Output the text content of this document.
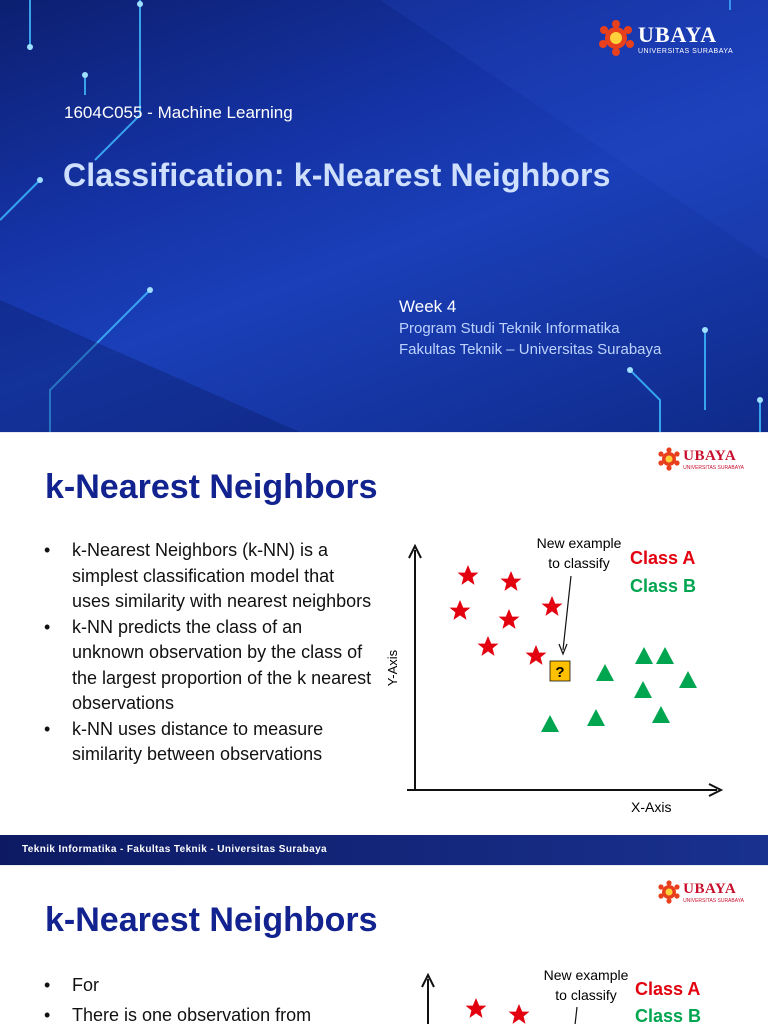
UBAYA
UNIVERSITAS SURABAYA
1604C055 - Machine Learning
Classification: k-Nearest Neighbors
Week 4
Program Studi Teknik Informatika
Fakultas Teknik – Universitas Surabaya
UBAYA
UNIVERSITAS SURABAYA
k-Nearest Neighbors
• k-Nearest Neighbors (k-NN) is a simplest classification model that uses similarity with nearest neighbors
• k-NN predicts the class of an unknown observation by the class of the largest proportion of the k nearest observations
• k-NN uses distance to measure similarity between observations
Y-Axis
X-Axis
New example
to classify Class A
Class B
?
Teknik Informatika - Fakultas Teknik - Universitas Surabaya
UBAYA
UNIVERSITAS SURABAYA
k-Nearest Neighbors
• For
• There is one observation from
New example
to classify Class A
Class B
